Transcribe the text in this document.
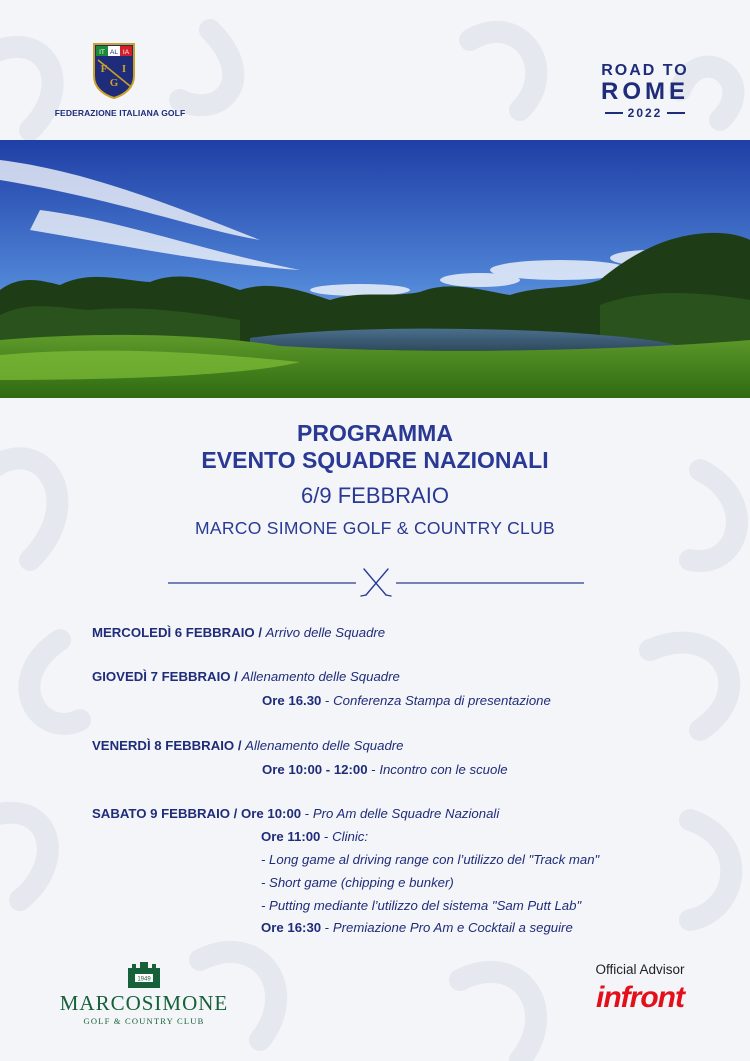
IT AL IA
F I
G
FEDERAZIONE ITALIANA GOLF
ROAD TO
ROME
2022
PROGRAMMA
EVENTO SQUADRE NAZIONALI
6/9 FEBBRAIO
MARCO SIMONE GOLF & COUNTRY CLUB
MERCOLEDÌ 6 FEBBRAIO / Arrivo delle Squadre
GIOVEDÌ 7 FEBBRAIO / Allenamento delle Squadre
Ore 16.30 - Conferenza Stampa di presentazione
VENERDÌ 8 FEBBRAIO / Allenamento delle Squadre
Ore 10:00 - 12:00 - Incontro con le scuole
SABATO 9 FEBBRAIO / Ore 10:00 - Pro Am delle Squadre Nazionali
Ore 11:00 - Clinic:
- Long game al driving range con l’utilizzo del "Track man"
- Short game (chipping e bunker)
- Putting mediante l’utilizzo del sistema "Sam Putt Lab"
Ore 16:30 - Premiazione Pro Am e Cocktail a seguire
1949
MARCOSIMONE
GOLF & COUNTRY CLUB
Official Advisor
infront
